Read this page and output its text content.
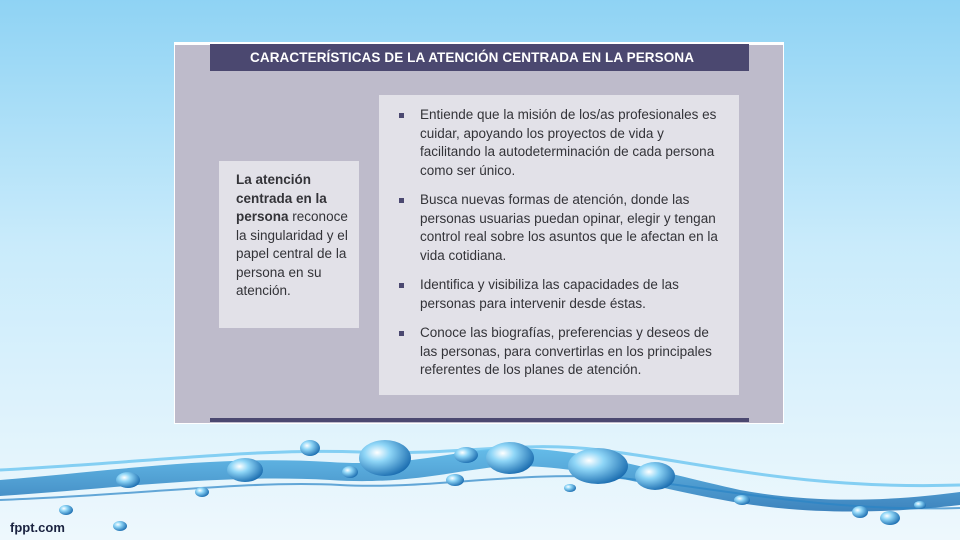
CARACTERÍSTICAS DE LA ATENCIÓN CENTRADA EN LA PERSONA
La atención centrada en la persona reconoce la singularidad y el papel central de la persona en su atención.
Entiende que la misión de los/as profesionales es cuidar, apoyando los proyectos de vida y facilitando la autodeterminación de cada persona como ser único.
Busca nuevas formas de atención, donde las personas usuarias puedan opinar, elegir y tengan control real sobre los asuntos que le afectan en la vida cotidiana.
Identifica y visibiliza las capacidades de las personas para intervenir desde éstas.
Conoce las biografías, preferencias y deseos de las personas, para convertirlas en los principales referentes de los planes de atención.
fppt.com
